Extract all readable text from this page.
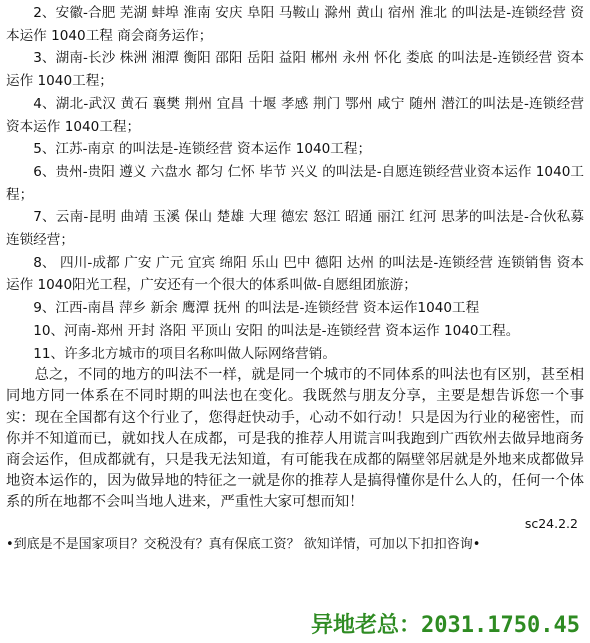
2、安徽-合肥 芜湖 蚌埠 淮南 安庆 阜阳 马鞍山 滁州 黄山 宿州 淮北 的叫法是-连锁经营 资本运作 1040工程 商会商务运作；

3、湖南-长沙 株洲 湘潭 衡阳 邵阳 岳阳 益阳 郴州 永州 怀化 娄底 的叫法是-连锁经营 资本运作 1040工程；

4、湖北-武汉 黄石 襄樊 荆州 宜昌 十堰 孝感 荆门 鄂州 咸宁 随州 潜江的叫法是-连锁经营 资本运作 1040工程；

5、江苏-南京 的叫法是-连锁经营 资本运作 1040工程；

6、贵州-贵阳 遵义 六盘水 都匀 仁怀 毕节 兴义 的叫法是-自愿连锁经营业资本运作 1040工程；

7、云南-昆明 曲靖 玉溪 保山 楚雄 大理 德宏 怒江 昭通 丽江 红河 思茅的叫法是-合伙私募 连锁经营；

8、 四川-成都 广安 广元 宜宾 绵阳 乐山 巴中 德阳 达州 的叫法是-连锁经营 连锁销售 资本运作 1040阳光工程，广安还有一个很大的体系叫做-自愿组团旅游；

9、江西-南昌 萍乡 新余 鹰潭 抚州 的叫法是-连锁经营 资本运作1040工程

10、河南-郑州 开封 洛阳 平顶山 安阳 的叫法是-连锁经营 资本运作 1040工程。

11、许多北方城市的项目名称叫做人际网络营销。

总之，不同的地方的叫法不一样，就是同一个城市的不同体系的叫法也有区别，甚至相同地方同一体系在不同时期的叫法也在变化。我既然与朋友分享，主要是想告诉您一个事实：现在全国都有这个行业了，您得赶快动手，心动不如行动！只是因为行业的秘密性，而你并不知道而已，就如找人在成都，可是我的推荐人用谎言叫我跑到广西钦州去做异地商务商会运作，但成都就有，只是我无法知道，有可能我在成都的隔壁邻居就是外地来成都做异地资本运作的，因为做异地的特征之一就是你的推荐人是搞得懂你是什么人的，任何一个体系的所在地都不会叫当地人进来，严重性大家可想而知！

sc24.2.2

•到底是不是国家项目？交税没有？真有保底工资？ 欲知详情，可加以下扣扣咨询•

异地老总：2031.1750.45
